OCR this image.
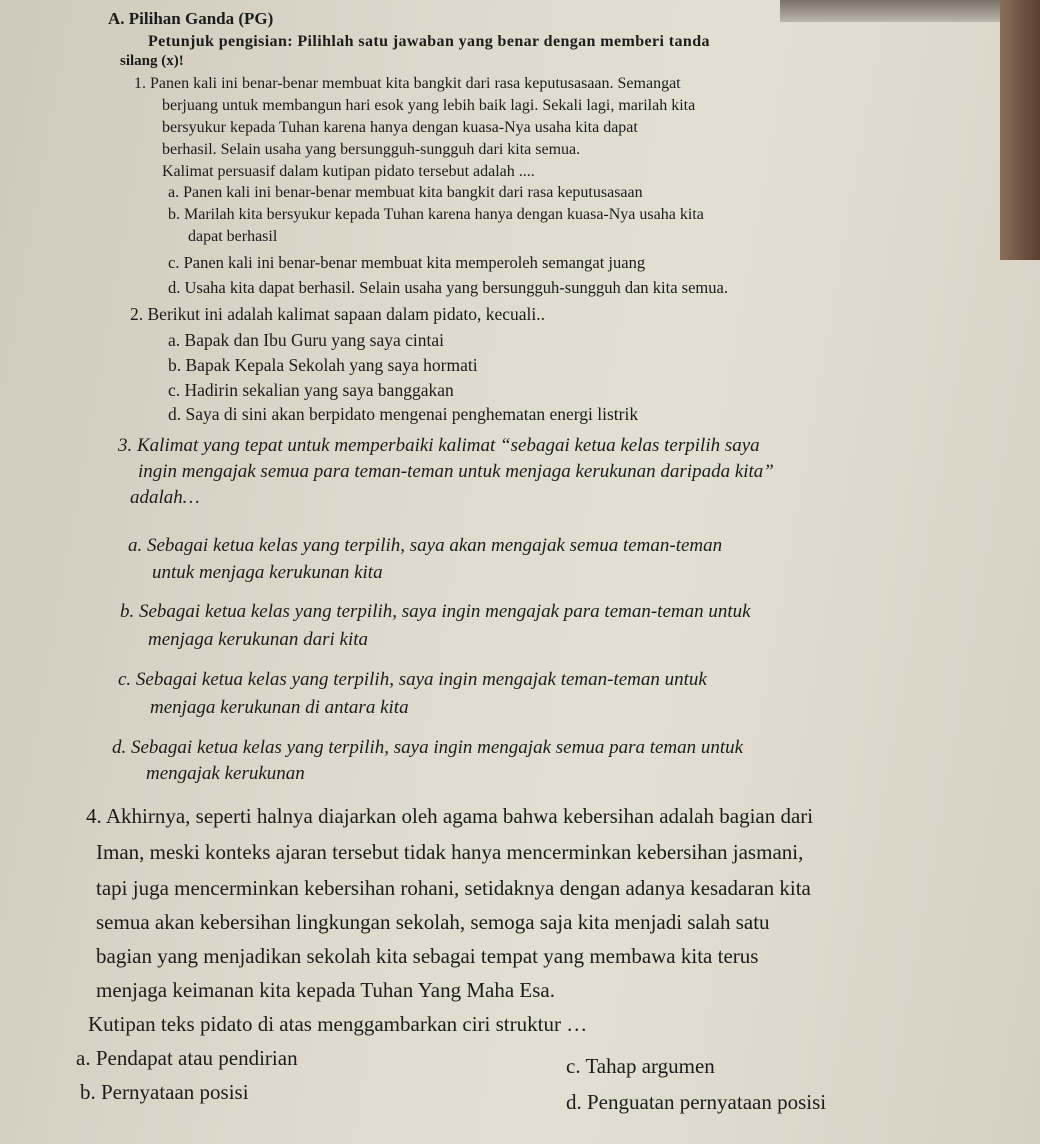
A. Pilihan Ganda (PG)
Petunjuk pengisian: Pilihlah satu jawaban yang benar dengan memberi tanda
silang (x)!
1. Panen kali ini benar-benar membuat kita bangkit dari rasa keputusasaan. Semangat
berjuang untuk membangun hari esok yang lebih baik lagi. Sekali lagi, marilah kita
bersyukur kepada Tuhan karena hanya dengan kuasa-Nya usaha kita dapat
berhasil. Selain usaha yang bersungguh-sungguh dari kita semua.
Kalimat persuasif dalam kutipan pidato tersebut adalah ....
a. Panen kali ini benar-benar membuat kita bangkit dari rasa keputusasaan
b. Marilah kita bersyukur kepada Tuhan karena hanya dengan kuasa-Nya usaha kita
dapat berhasil
c. Panen kali ini benar-benar membuat kita memperoleh semangat juang
d. Usaha kita dapat berhasil. Selain usaha yang bersungguh-sungguh dan kita semua.
2. Berikut ini adalah kalimat sapaan dalam pidato, kecuali..
a. Bapak dan Ibu Guru yang saya cintai
b. Bapak Kepala Sekolah yang saya hormati
c. Hadirin sekalian yang saya banggakan
d. Saya di sini akan berpidato mengenai penghematan energi listrik
3. Kalimat yang tepat untuk memperbaiki kalimat “sebagai ketua kelas terpilih saya
ingin mengajak semua para teman-teman untuk menjaga kerukunan daripada kita”
adalah…
a. Sebagai ketua kelas yang terpilih, saya akan mengajak semua teman-teman
untuk menjaga kerukunan kita
b. Sebagai ketua kelas yang terpilih, saya ingin mengajak para teman-teman untuk
menjaga kerukunan dari kita
c. Sebagai ketua kelas yang terpilih, saya ingin mengajak teman-teman untuk
menjaga kerukunan di antara kita
d. Sebagai ketua kelas yang terpilih, saya ingin mengajak semua para teman untuk
mengajak kerukunan
4. Akhirnya, seperti halnya diajarkan oleh agama bahwa kebersihan adalah bagian dari
Iman, meski konteks ajaran tersebut tidak hanya mencerminkan kebersihan jasmani,
tapi juga mencerminkan kebersihan rohani, setidaknya dengan adanya kesadaran kita
semua akan kebersihan lingkungan sekolah, semoga saja kita menjadi salah satu
bagian yang menjadikan sekolah kita sebagai tempat yang membawa kita terus
menjaga keimanan kita kepada Tuhan Yang Maha Esa.
Kutipan teks pidato di atas menggambarkan ciri struktur …
a. Pendapat atau pendirian	c. Tahap argumen
b. Pernyataan posisi	d. Penguatan pernyataan posisi
